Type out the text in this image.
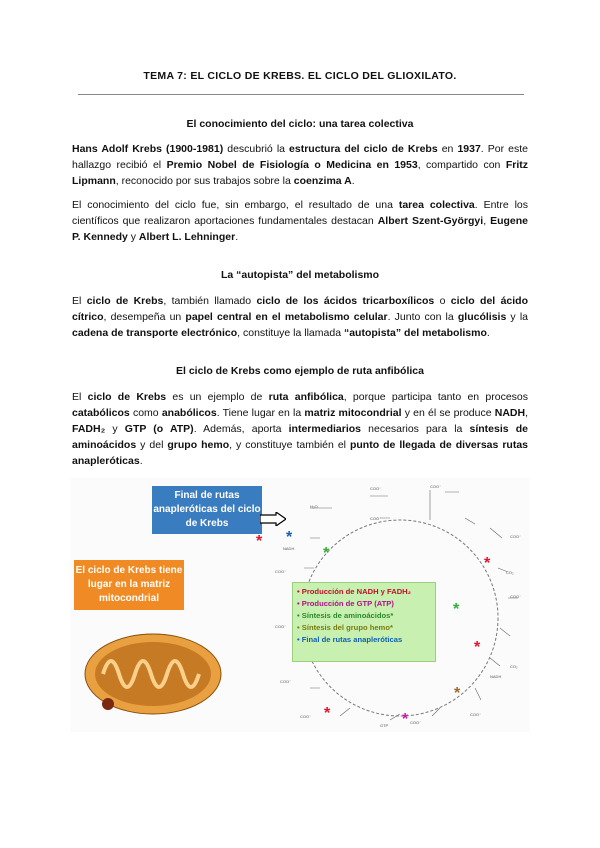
TEMA 7: EL CICLO DE KREBS. EL CICLO DEL GLIOXILATO.
El conocimiento del ciclo: una tarea colectiva
Hans Adolf Krebs (1900-1981) descubrió la estructura del ciclo de Krebs en 1937. Por este hallazgo recibió el Premio Nobel de Fisiología o Medicina en 1953, compartido con Fritz Lipmann, reconocido por sus trabajos sobre la coenzima A.
El conocimiento del ciclo fue, sin embargo, el resultado de una tarea colectiva. Entre los científicos que realizaron aportaciones fundamentales destacan Albert Szent-Györgyi, Eugene P. Kennedy y Albert L. Lehninger.
La “autopista” del metabolismo
El ciclo de Krebs, también llamado ciclo de los ácidos tricarboxílicos o ciclo del ácido cítrico, desempeña un papel central en el metabolismo celular. Junto con la glucólisis y la cadena de transporte electrónico, constituye la llamada “autopista” del metabolismo.
El ciclo de Krebs como ejemplo de ruta anfibólica
El ciclo de Krebs es un ejemplo de ruta anfibólica, porque participa tanto en procesos catabólicos como anabólicos. Tiene lugar en la matriz mitocondrial y en él se produce NADH, FADH₂ y GTP (o ATP). Además, aporta intermediarios necesarios para la síntesis de aminoácidos y del grupo hemo, y constituye también el punto de llegada de diversas rutas anapleróticas.
COO⁻
COO⁻
COO⁻
COO⁻
COO⁻
COO⁻
COO⁻
COO⁻
COO⁻
COO⁻
COO⁻
H₂O
NADH
NADH
CO₂
CO₂
GTP
Final de rutas anapleróticas del ciclo de Krebs
El ciclo de Krebs tiene lugar en la matriz mitocondrial
• Producción de NADH y FADH₂
• Producción de GTP (ATP)
• Síntesis de aminoácidos*
• Síntesis del grupo hemo*
• Final de rutas anapleróticas
* *
*
*
*
*
*
*	*
